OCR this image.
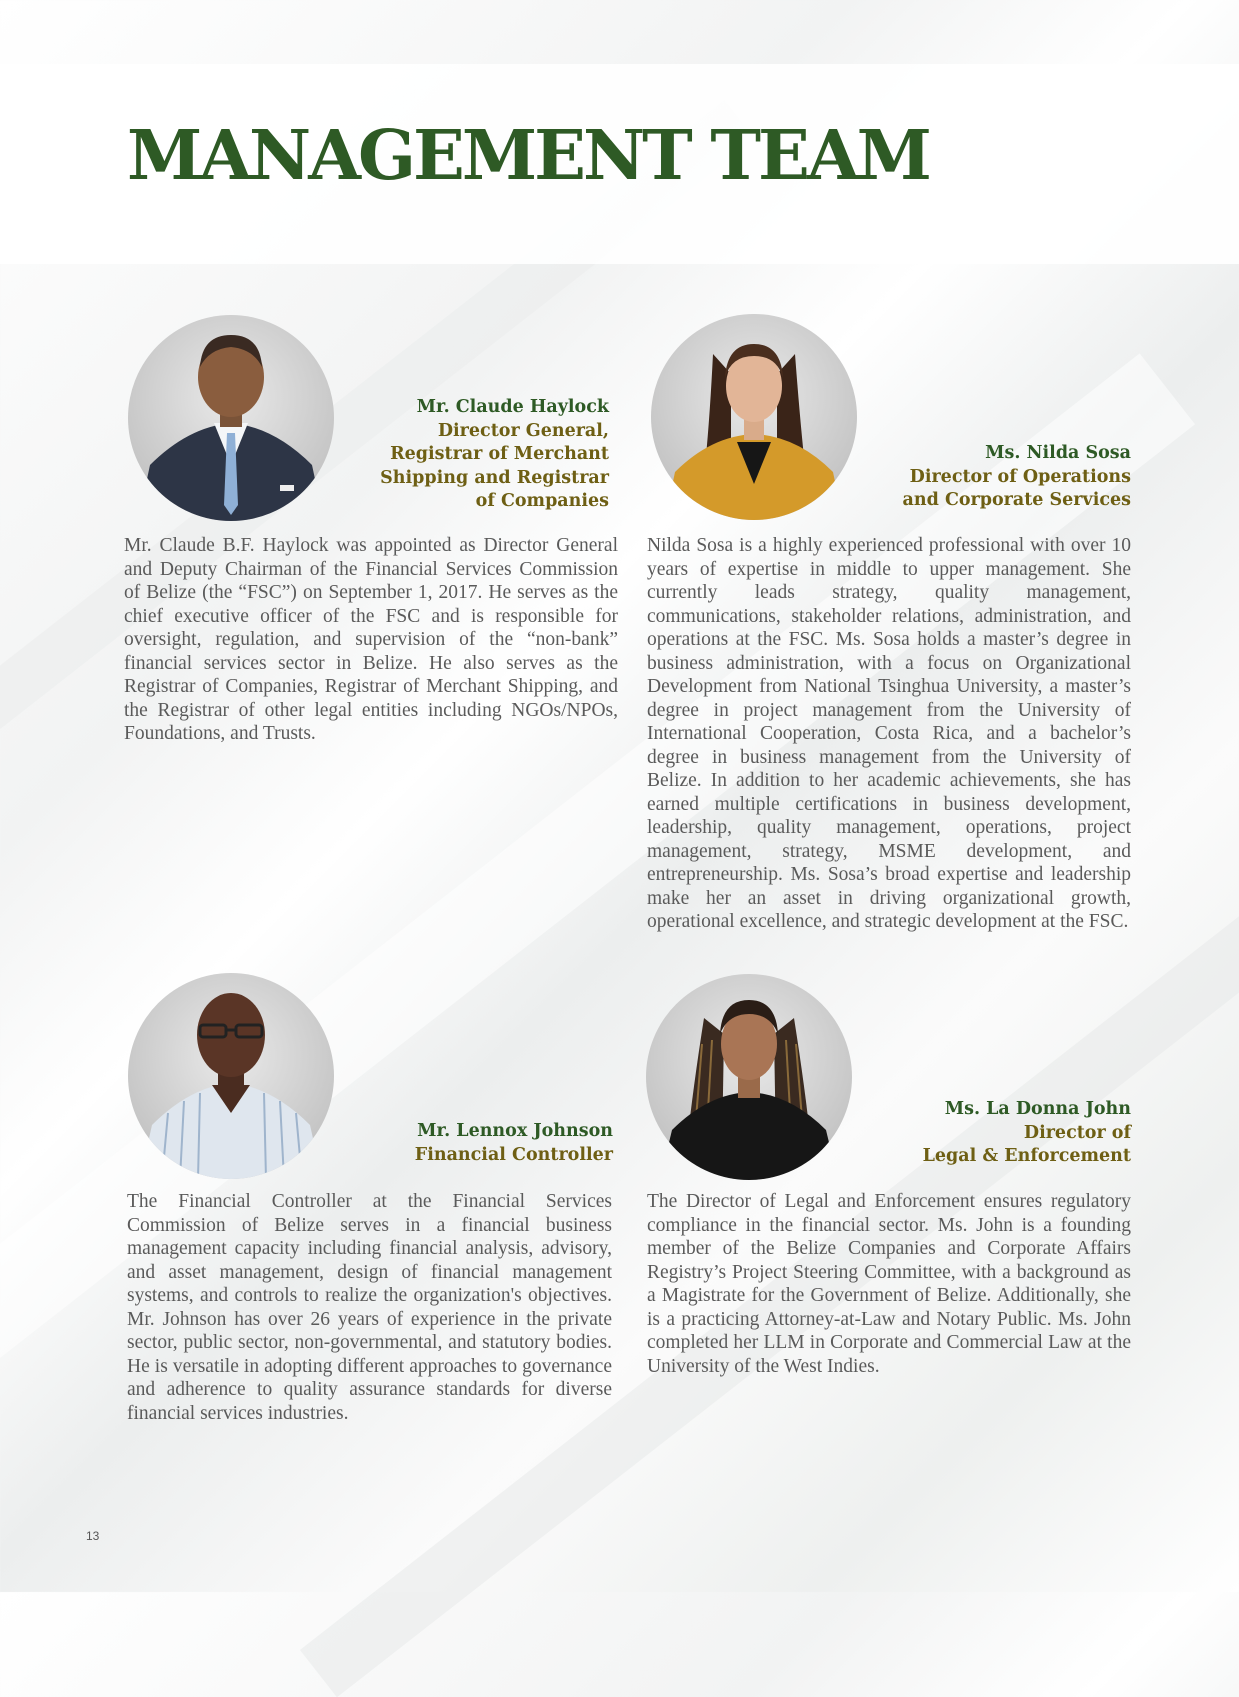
MANAGEMENT TEAM
Mr. Claude Haylock
Director General,
Registrar of Merchant
Shipping and Registrar
of Companies

Mr. Claude B.F. Haylock was appointed as Director General and Deputy Chairman of the Financial Services Commission of Belize (the “FSC”) on September 1, 2017. He serves as the chief executive officer of the FSC and is responsible for oversight, regulation, and supervision of the “non-bank” financial services sector in Belize. He also serves as the Registrar of Companies, Registrar of Merchant Shipping, and the Registrar of other legal entities including NGOs/NPOs, Foundations, and Trusts.

Ms. Nilda Sosa
Director of Operations
and Corporate Services

Nilda Sosa is a highly experienced professional with over 10 years of expertise in middle to upper management. She currently leads strategy, quality management, communications, stakeholder relations, administration, and operations at the FSC. Ms. Sosa holds a master’s degree in business administration, with a focus on Organizational Development from National Tsinghua University, a master’s degree in project management from the University of International Cooperation, Costa Rica, and a bachelor’s degree in business management from the University of Belize. In addition to her academic achievements, she has earned multiple certifications in business development, leadership, quality management, operations, project management, strategy, MSME development, and entrepreneurship. Ms. Sosa’s broad expertise and leadership make her an asset in driving organizational growth, operational excellence, and strategic development at the FSC.

Mr. Lennox Johnson
Financial Controller

The Financial Controller at the Financial Services Commission of Belize serves in a financial business management capacity including financial analysis, advisory, and asset management, design of financial management systems, and controls to realize the organization's objectives. Mr. Johnson has over 26 years of experience in the private sector, public sector, non-governmental, and statutory bodies. He is versatile in adopting different approaches to governance and adherence to quality assurance standards for diverse financial services industries.

Ms. La Donna John
Director of
Legal & Enforcement

The Director of Legal and Enforcement ensures regulatory compliance in the financial sector. Ms. John is a founding member of the Belize Companies and Corporate Affairs Registry’s Project Steering Committee, with a background as a Magistrate for the Government of Belize. Additionally, she is a practicing Attorney-at-Law and Notary Public. Ms. John completed her LLM in Corporate and Commercial Law at the University of the West Indies.

13
